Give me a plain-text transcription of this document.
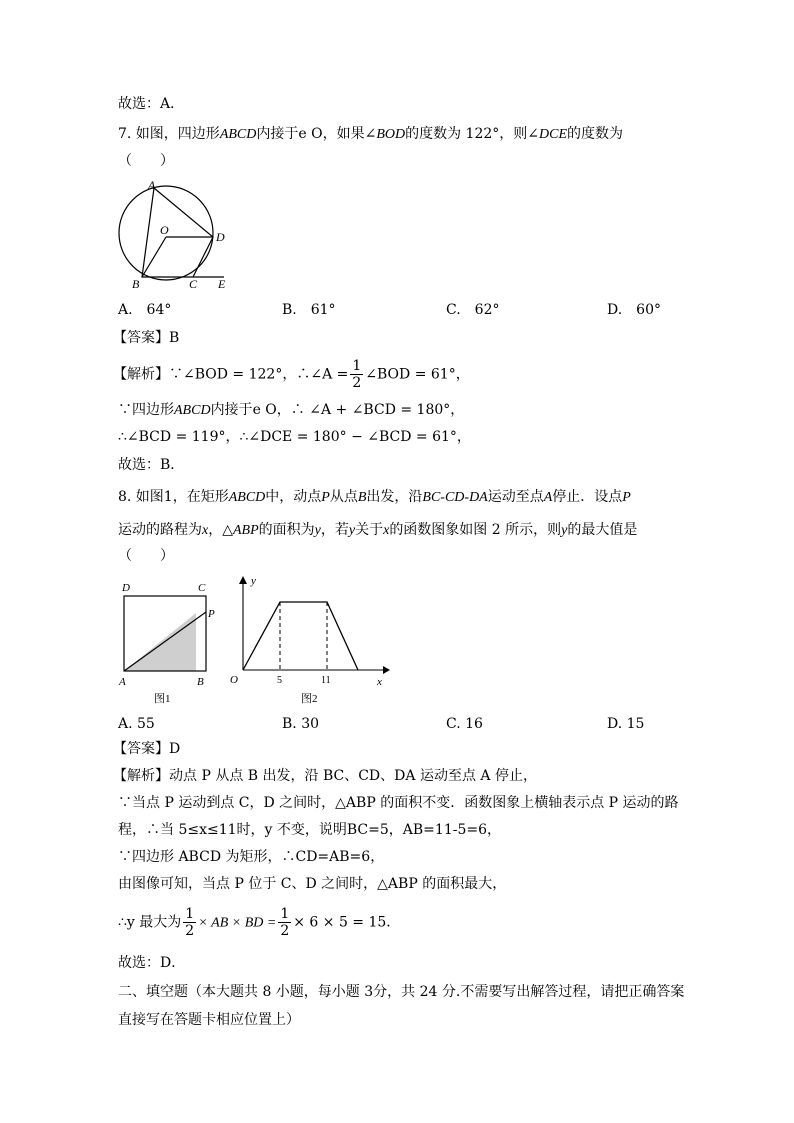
故选：A．
7. 如图，四边形ABCD内接于e O，如果∠BOD的度数为 122°，则∠DCE的度数为
（　　）
A
O	D
B	C E
A.　64°	B.　61°	C.　62°	D.　60°
【答案】B
【解析】∵∠BOD = 122°，∴∠A = $\frac{1}{2}$ ∠BOD = 61°，
∵四边形ABCD内接于e O，∴ ∠A + ∠BCD = 180°，
∴∠BCD = 119°，∴∠DCE = 180° − ∠BCD = 61°，
故选：B．
8. 如图1，在矩形ABCD中，动点P从点B出发，沿BC-CD-DA运动至点A停止．设点P
运动的路程为x，△ABP的面积为y，若y关于x的函数图象如图 2 所示，则y的最大值是
（　　）
D	C
P
A	B
图1
y
O	5	11	x
图2
A. 55	B. 30	C. 16	D. 15
【答案】D
【解析】动点 P 从点 B 出发，沿 BC、CD、DA 运动至点 A 停止，
∵当点 P 运动到点 C，D 之间时，△ABP 的面积不变．函数图象上横轴表示点 P 运动的路
程，∴当 5≤x≤11时，y 不变，说明BC=5，AB=11-5=6，
∵四边形 ABCD 为矩形，∴CD=AB=6，
由图像可知，当点 P 位于 C、D 之间时，△ABP 的面积最大，
∴y 最大为 $\frac{1}{2}$ × AB × BD = $\frac{1}{2} \times 6 \times 5 = 15$．
故选：D．
二、填空题（本大题共 8 小题，每小题 3分，共 24 分.不需要写出解答过程，请把正确答案
直接写在答题卡相应位置上）
